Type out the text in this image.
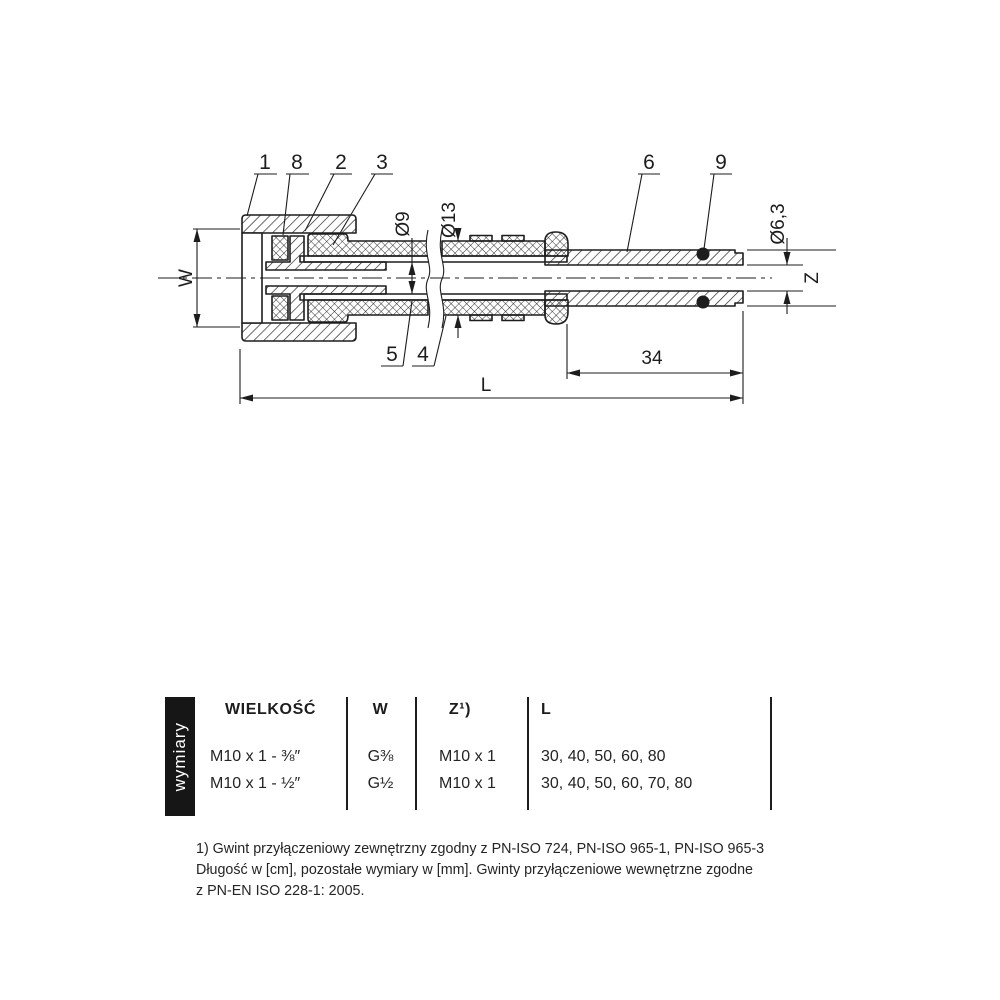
W
Ø9 Ø13	Ø6,3
Z
34
L
1 8 2 3	6	9
5 4
wymiary
WIELKOŚĆ	W	Z¹)	L
M10 x 1 - ⅜″	G⅜	M10 x 1	30, 40, 50, 60, 80
M10 x 1 - ½″	G½	M10 x 1	30, 40, 50, 60, 70, 80
1) Gwint przyłączeniowy zewnętrzny zgodny z PN-ISO 724, PN-ISO 965-1, PN-ISO 965-3
Długość w [cm], pozostałe wymiary w [mm]. Gwinty przyłączeniowe wewnętrzne zgodne
z PN-EN ISO 228-1: 2005.
